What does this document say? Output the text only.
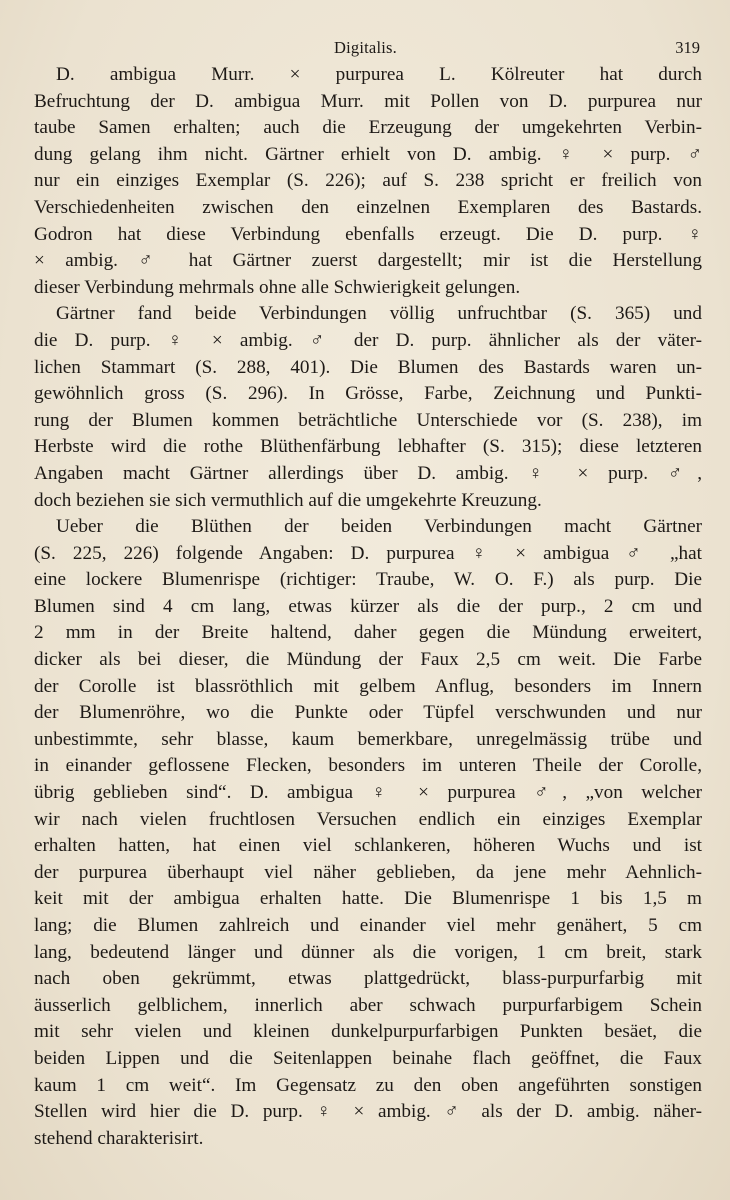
Digitalis.	319
D. ambigua Murr. × purpurea L. Kölreuter hat durch
Befruchtung der D. ambigua Murr. mit Pollen von D. purpurea nur
taube Samen erhalten; auch die Erzeugung der umgekehrten Verbin-
dung gelang ihm nicht. Gärtner erhielt von D. ambig. ♀ × purp. ♂
nur ein einziges Exemplar (S. 226); auf S. 238 spricht er freilich von
Verschiedenheiten zwischen den einzelnen Exemplaren des Bastards.
Godron hat diese Verbindung ebenfalls erzeugt. Die D. purp. ♀
× ambig. ♂ hat Gärtner zuerst dargestellt; mir ist die Herstellung
dieser Verbindung mehrmals ohne alle Schwierigkeit gelungen.
Gärtner fand beide Verbindungen völlig unfruchtbar (S. 365) und
die D. purp. ♀ × ambig. ♂ der D. purp. ähnlicher als der väter-
lichen Stammart (S. 288, 401). Die Blumen des Bastards waren un-
gewöhnlich gross (S. 296). In Grösse, Farbe, Zeichnung und Punkti-
rung der Blumen kommen beträchtliche Unterschiede vor (S. 238), im
Herbste wird die rothe Blüthenfärbung lebhafter (S. 315); diese letzteren
Angaben macht Gärtner allerdings über D. ambig. ♀ × purp. ♂,
doch beziehen sie sich vermuthlich auf die umgekehrte Kreuzung.
Ueber die Blüthen der beiden Verbindungen macht Gärtner
(S. 225, 226) folgende Angaben: D. purpurea ♀ × ambigua ♂ „hat
eine lockere Blumenrispe (richtiger: Traube, W. O. F.) als purp. Die
Blumen sind 4 cm lang, etwas kürzer als die der purp., 2 cm und
2 mm in der Breite haltend, daher gegen die Mündung erweitert,
dicker als bei dieser, die Mündung der Faux 2,5 cm weit. Die Farbe
der Corolle ist blassröthlich mit gelbem Anflug, besonders im Innern
der Blumenröhre, wo die Punkte oder Tüpfel verschwunden und nur
unbestimmte, sehr blasse, kaum bemerkbare, unregelmässig trübe und
in einander geflossene Flecken, besonders im unteren Theile der Corolle,
übrig geblieben sind“. D. ambigua ♀ × purpurea ♂, „von welcher
wir nach vielen fruchtlosen Versuchen endlich ein einziges Exemplar
erhalten hatten, hat einen viel schlankeren, höheren Wuchs und ist
der purpurea überhaupt viel näher geblieben, da jene mehr Aehnlich-
keit mit der ambigua erhalten hatte. Die Blumenrispe 1 bis 1,5 m
lang; die Blumen zahlreich und einander viel mehr genähert, 5 cm
lang, bedeutend länger und dünner als die vorigen, 1 cm breit, stark
nach oben gekrümmt, etwas plattgedrückt, blass-purpurfarbig mit
äusserlich gelblichem, innerlich aber schwach purpurfarbigem Schein
mit sehr vielen und kleinen dunkelpurpurfarbigen Punkten besäet, die
beiden Lippen und die Seitenlappen beinahe flach geöffnet, die Faux
kaum 1 cm weit“. Im Gegensatz zu den oben angeführten sonstigen
Stellen wird hier die D. purp. ♀ × ambig. ♂ als der D. ambig. näher-
stehend charakterisirt.
